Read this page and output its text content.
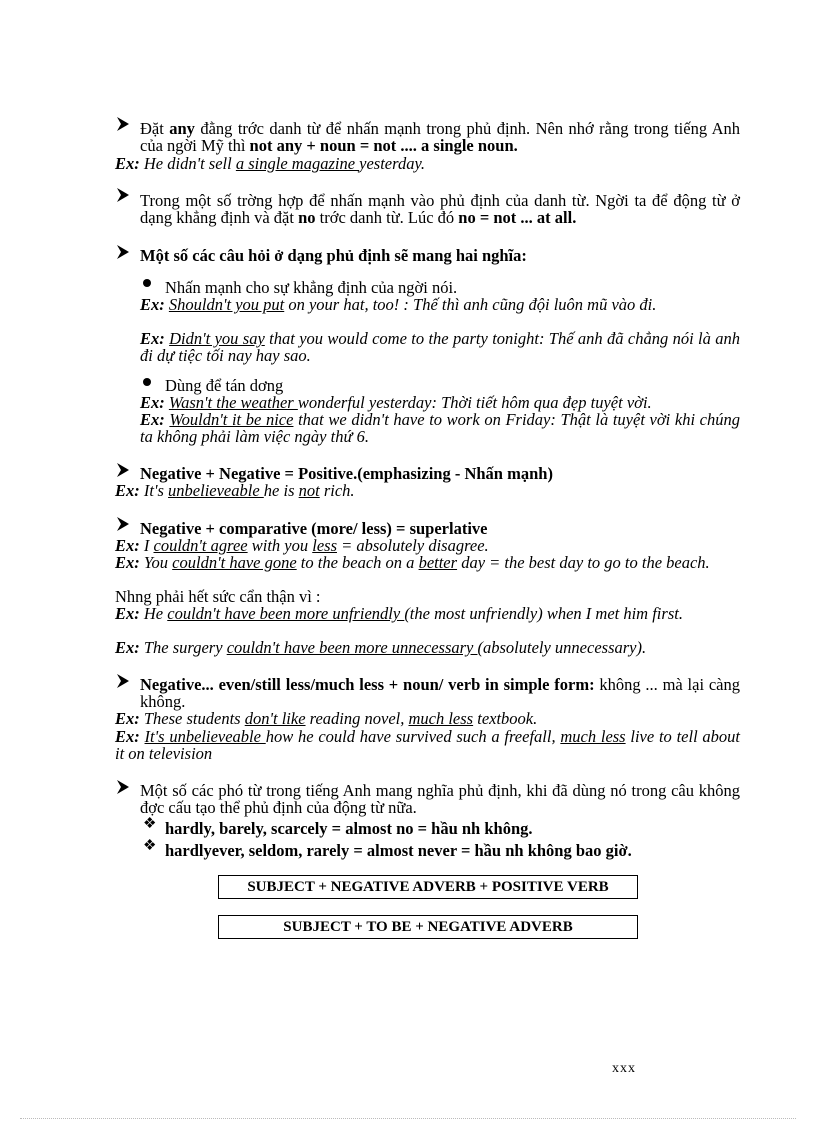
Đặt any đằng trớc danh từ để nhấn mạnh trong phủ định. Nên nhớ rằng trong tiếng Anh của ngời Mỹ thì not any + noun = not .... a single noun.
Ex: He didn't sell a single magazine yesterday.
Trong một số trờng hợp để nhấn mạnh vào phủ định của danh từ. Ngời ta để động từ ở dạng khẳng định và đặt no trớc danh từ. Lúc đó no = not ... at all.
Một số các câu hỏi ở dạng phủ định sẽ mang hai nghĩa:
Nhấn mạnh cho sự khẳng định của ngời nói.
Ex: Shouldn't you put on your hat, too! : Thế thì anh cũng đội luôn mũ vào đi.
Ex: Didn't you say that you would come to the party tonight: Thế anh đã chẳng nói là anh đi dự tiệc tối nay hay sao.
Dùng để tán dơng
Ex: Wasn't the weather wonderful yesterday: Thời tiết hôm qua đẹp tuyệt vời.
Ex: Wouldn't it be nice that we didn't have to work on Friday: Thật là tuyệt vời khi chúng ta không phải làm việc ngày thứ 6.
Negative + Negative = Positive.(emphasizing - Nhấn mạnh)
Ex: It's unbelieveable he is not rich.
Negative + comparative (more/ less) = superlative
Ex: I couldn't agree with you less = absolutely disagree.
Ex: You couldn't have gone to the beach on a better day = the best day to go to the beach.
Nhng phải hết sức cẩn thận vì :
Ex: He couldn't have been more unfriendly (the most unfriendly) when I met him first.
Ex: The surgery couldn't have been more unnecessary (absolutely unnecessary).
Negative... even/still less/much less + noun/ verb in simple form: không ... mà lại càng không.
Ex: These students don't like reading novel, much less textbook.
Ex: It's unbelieveable how he could have survived such a freefall, much less live to tell about it on television
Một số các phó từ trong tiếng Anh mang nghĩa phủ định, khi đã dùng nó trong câu không đợc cấu tạo thể phủ định của động từ nữa.
❖ hardly, barely, scarcely = almost no = hầu nh không.
❖ hardlyever, seldom, rarely = almost never = hầu nh không bao giờ.
SUBJECT + NEGATIVE ADVERB + POSITIVE VERB
SUBJECT + TO BE + NEGATIVE ADVERB
xxx
